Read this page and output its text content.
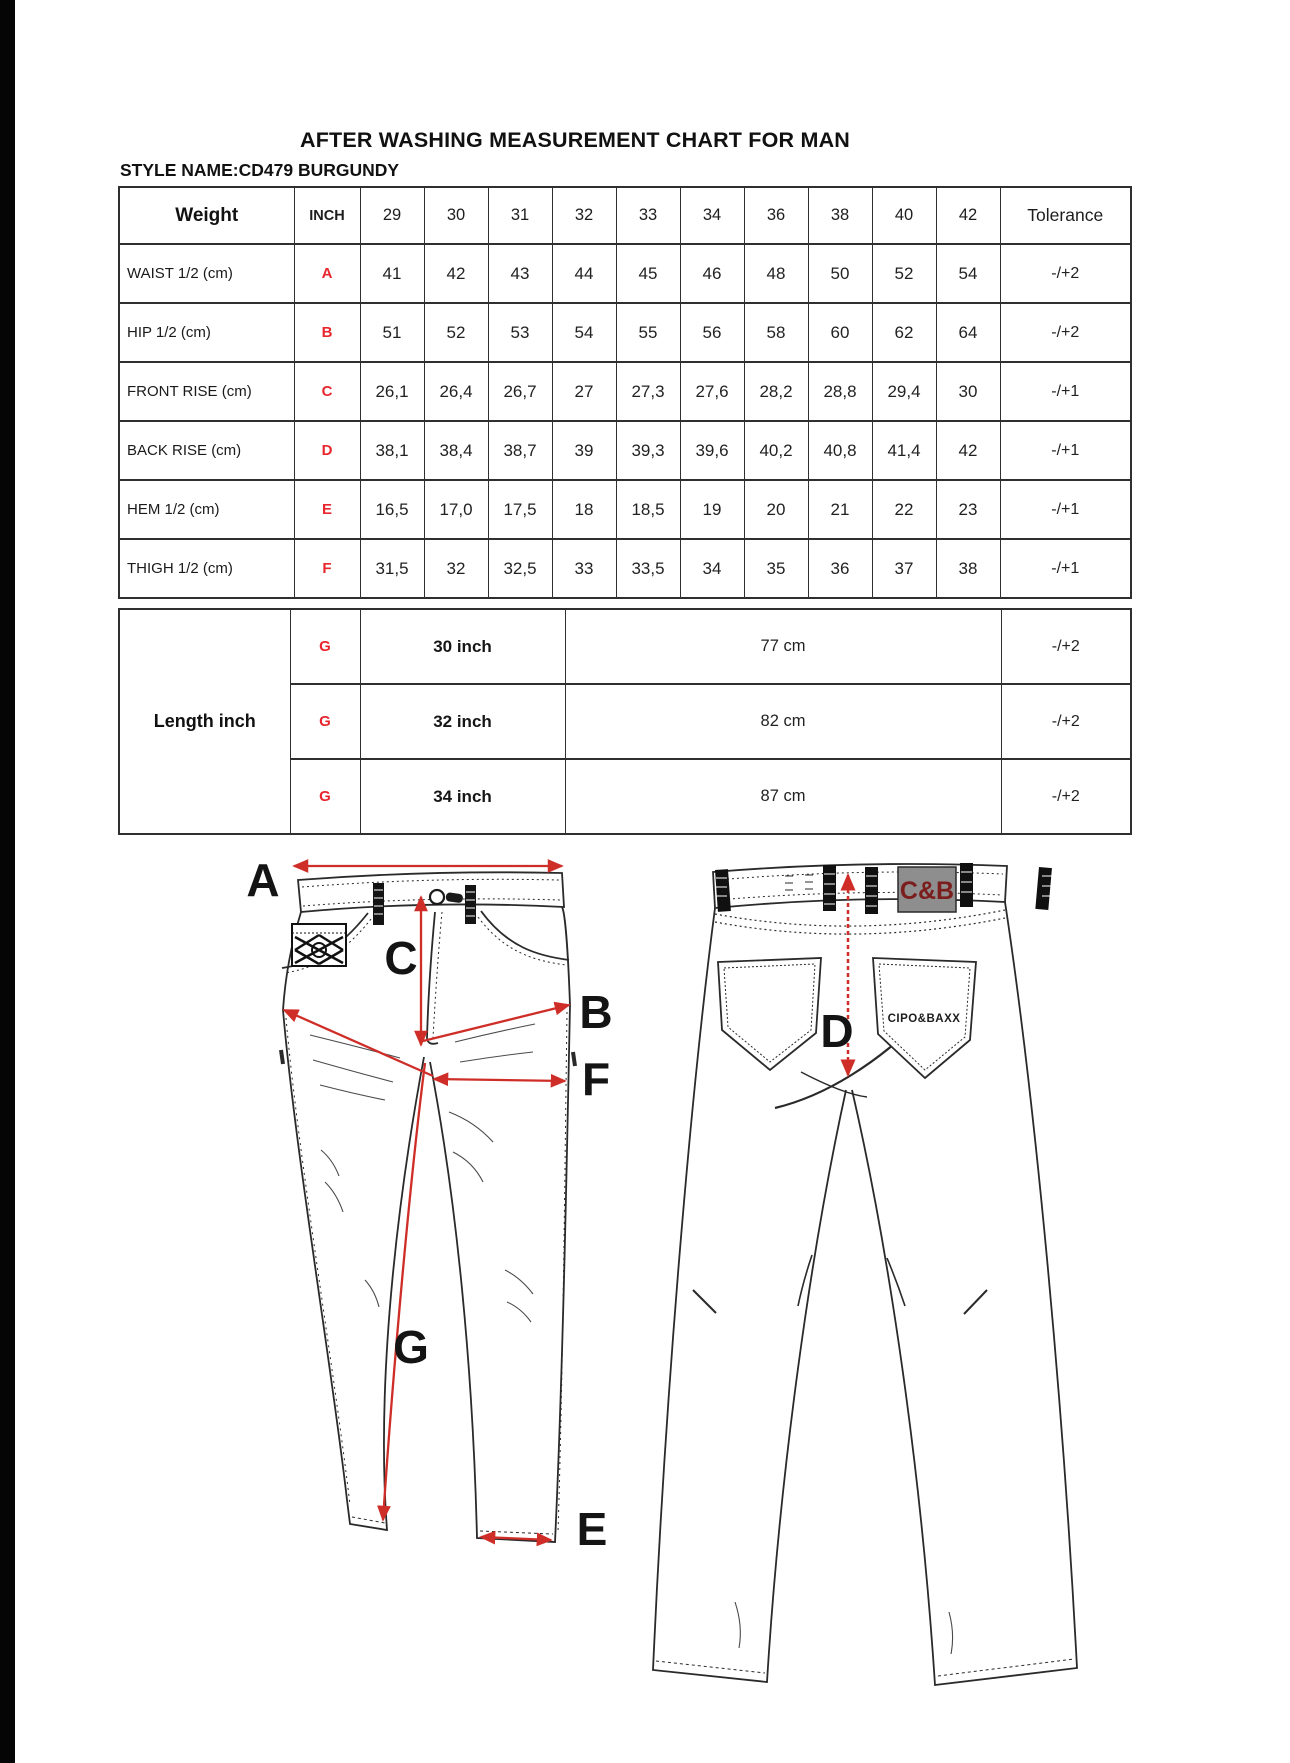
AFTER WASHING MEASUREMENT CHART FOR MAN
STYLE NAME:CD479 BURGUNDY
Weight	INCH	29	30	31	32	33	34	36	38	40	42	Tolerance
WAIST 1/2 (cm)	A	41	42	43	44	45	46	48	50	52	54	-/+2
HIP 1/2 (cm)	B	51	52	53	54	55	56	58	60	62	64	-/+2
FRONT RISE (cm)	C	26,1	26,4	26,7	27	27,3	27,6	28,2	28,8	29,4	30	-/+1
BACK RISE (cm)	D	38,1	38,4	38,7	39	39,3	39,6	40,2	40,8	41,4	42	-/+1
HEM 1/2 (cm)	E	16,5	17,0	17,5	18	18,5	19	20	21	22	23	-/+1
THIGH 1/2 (cm)	F	31,5	32	32,5	33	33,5	34	35	36	37	38	-/+1
Length inch	G	30 inch	77 cm	-/+2
	G	32 inch	82 cm	-/+2
	G	34 inch	87 cm	-/+2
A
C
B
F
G
E
C&B
CIPO&BAXX
D
